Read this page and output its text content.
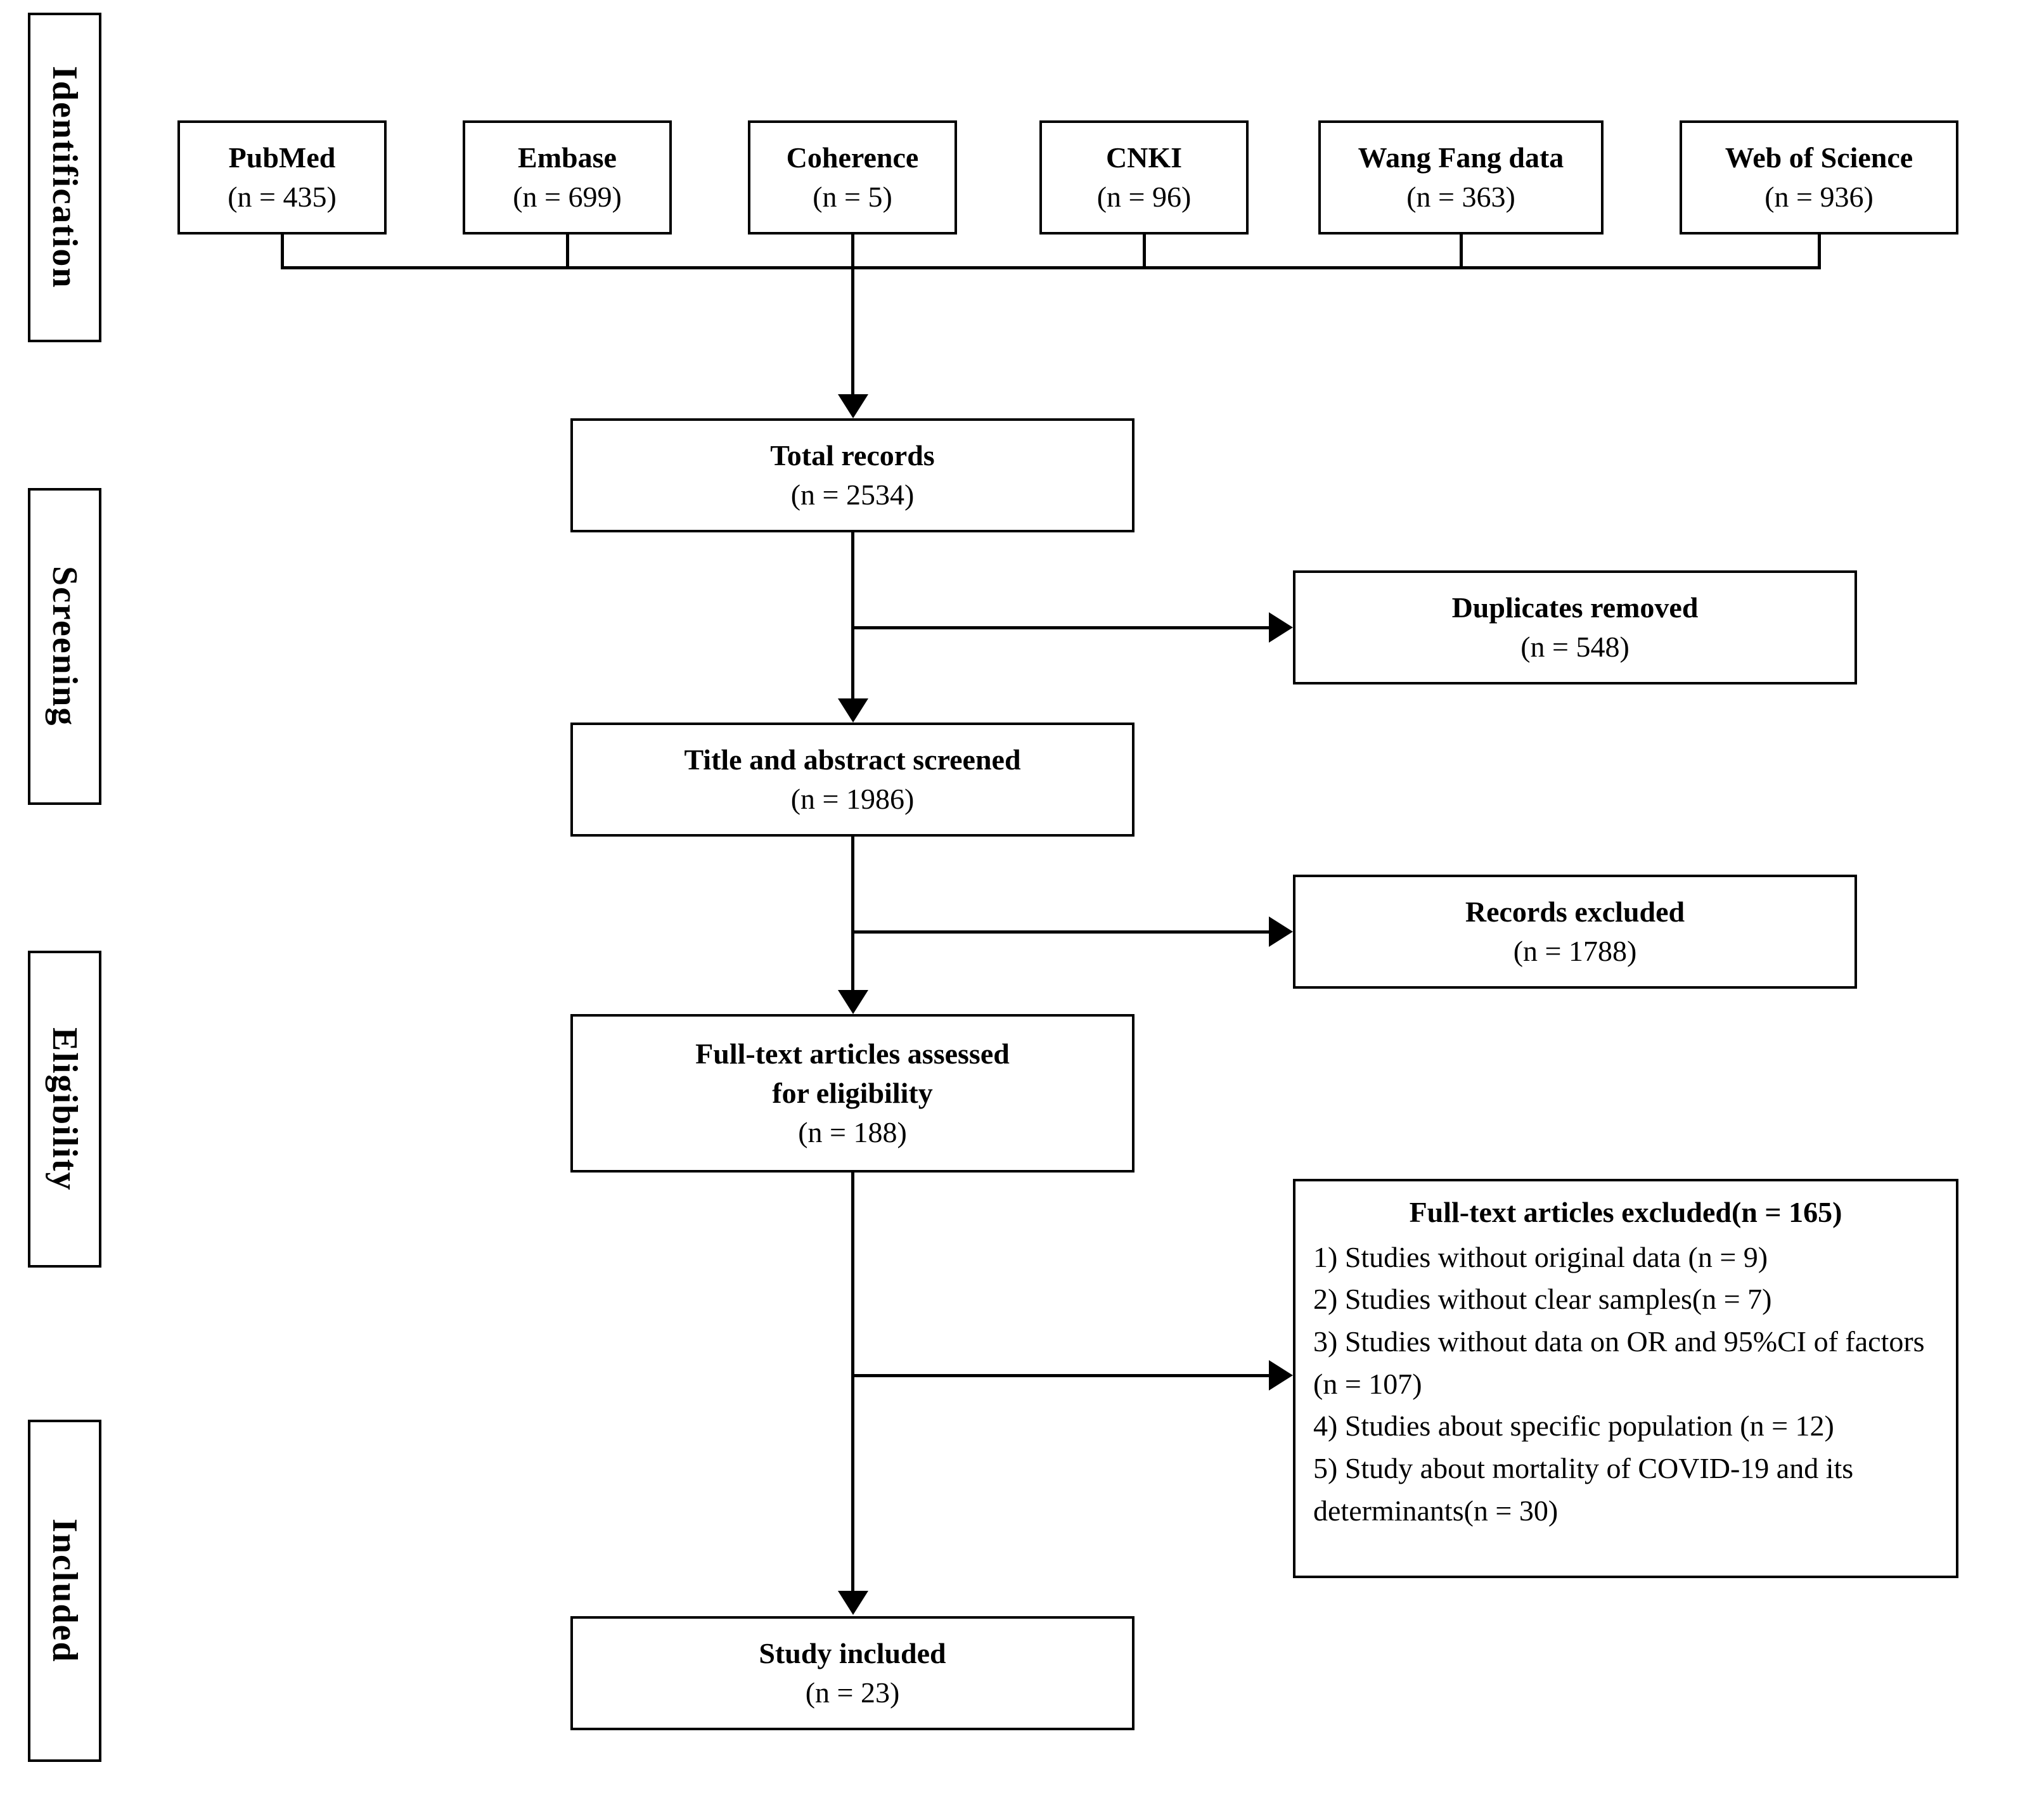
Identification
Screening
Eligibility
Included
PubMed
(n = 435)
Embase
(n = 699)
Coherence
(n = 5)
CNKI
(n = 96)
Wang Fang data
(n = 363)
Web of Science
(n = 936)
Total records
(n = 2534)
Duplicates removed
(n = 548)
Title and abstract screened
(n = 1986)
Records excluded
(n = 1788)
Full-text articles assessed
for eligibility
(n = 188)
Full-text articles excluded(n = 165)
1) Studies without original data (n = 9)
2) Studies without clear samples(n = 7)
3) Studies without data on OR and 95%CI of factors (n = 107)
4) Studies about specific population (n = 12)
5) Study about mortality of COVID-19 and its determinants(n = 30)
Study included
(n = 23)
